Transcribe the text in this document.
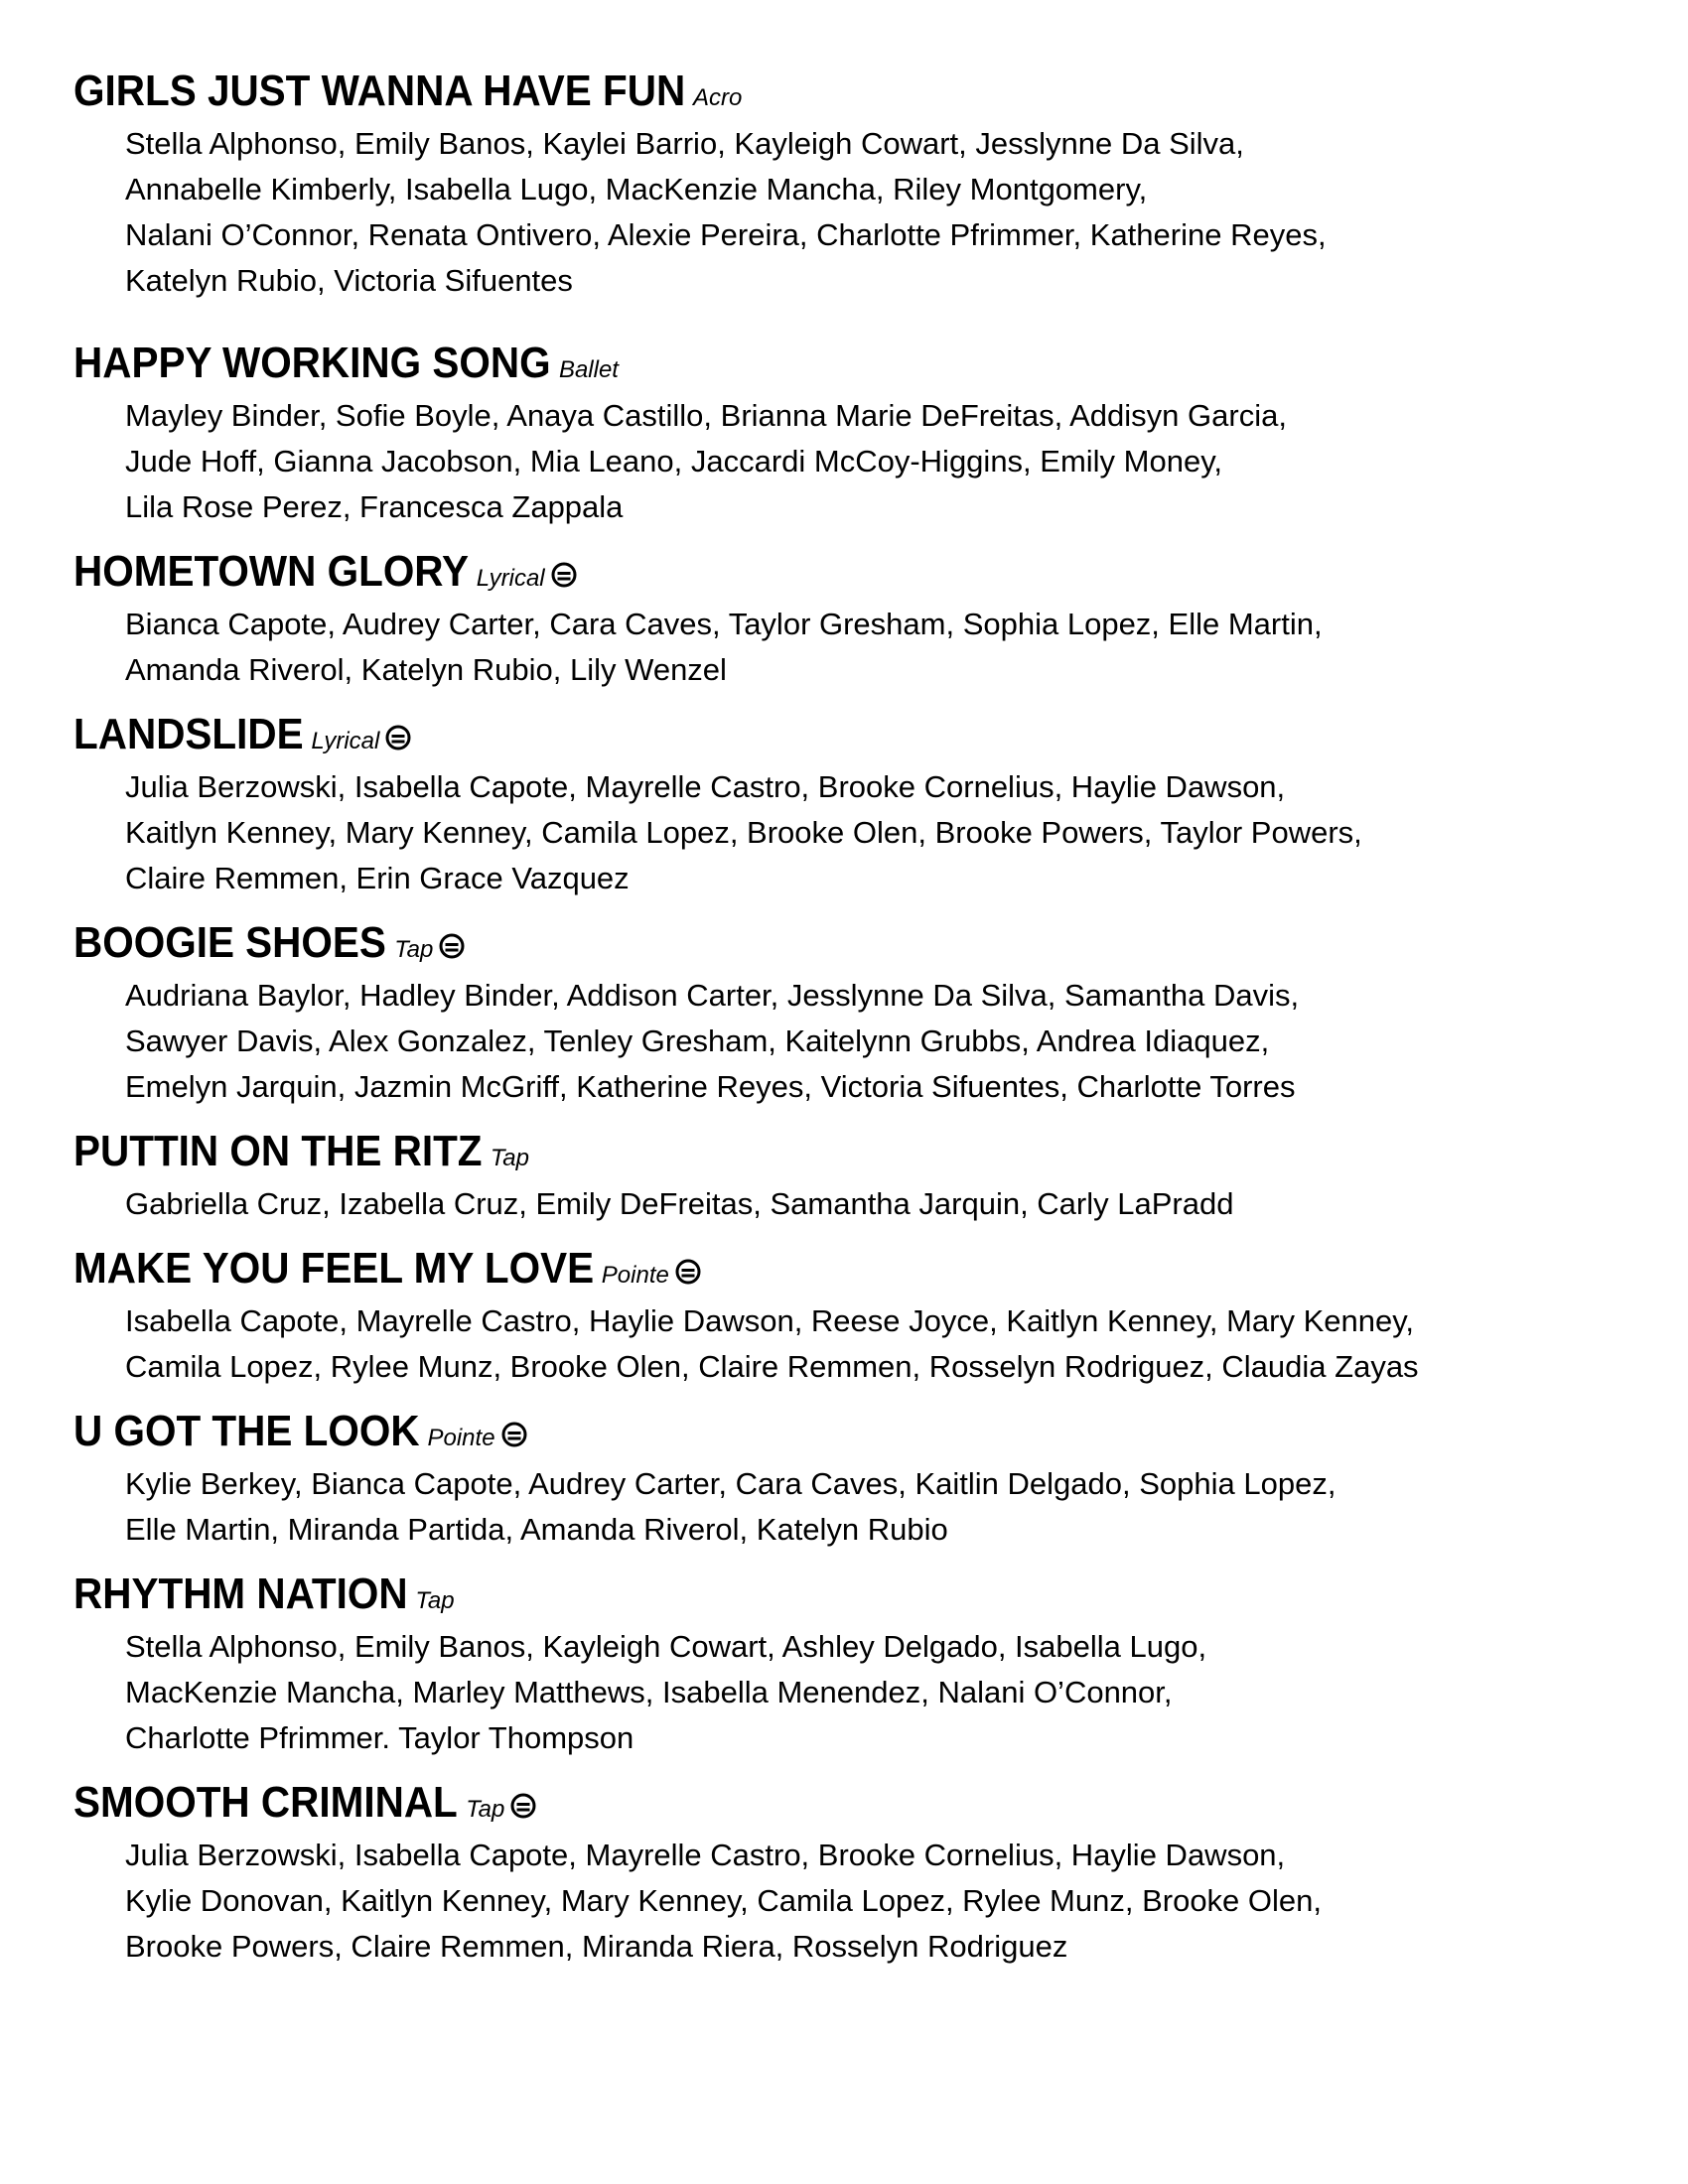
GIRLS JUST WANNA HAVE FUN Acro
Stella Alphonso, Emily Banos, Kaylei Barrio, Kayleigh Cowart, Jesslynne Da Silva,
Annabelle Kimberly, Isabella Lugo, MacKenzie Mancha, Riley Montgomery,
Nalani O’Connor, Renata Ontivero, Alexie Pereira, Charlotte Pfrimmer, Katherine Reyes,
Katelyn Rubio, Victoria Sifuentes
HAPPY WORKING SONG Ballet
Mayley Binder, Sofie Boyle, Anaya Castillo, Brianna Marie DeFreitas, Addisyn Garcia,
Jude Hoff, Gianna Jacobson, Mia Leano, Jaccardi McCoy-Higgins, Emily Money,
Lila Rose Perez, Francesca Zappala
HOMETOWN GLORY Lyrical
Bianca Capote, Audrey Carter, Cara Caves, Taylor Gresham, Sophia Lopez, Elle Martin,
Amanda Riverol, Katelyn Rubio, Lily Wenzel
LANDSLIDE Lyrical
Julia Berzowski, Isabella Capote, Mayrelle Castro, Brooke Cornelius, Haylie Dawson,
Kaitlyn Kenney, Mary Kenney, Camila Lopez, Brooke Olen, Brooke Powers, Taylor Powers,
Claire Remmen, Erin Grace Vazquez
BOOGIE SHOES Tap
Audriana Baylor, Hadley Binder, Addison Carter, Jesslynne Da Silva, Samantha Davis,
Sawyer Davis, Alex Gonzalez, Tenley Gresham, Kaitelynn Grubbs, Andrea Idiaquez,
Emelyn Jarquin, Jazmin McGriff, Katherine Reyes, Victoria Sifuentes, Charlotte Torres
PUTTIN ON THE RITZ Tap
Gabriella Cruz, Izabella Cruz, Emily DeFreitas, Samantha Jarquin, Carly LaPradd
MAKE YOU FEEL MY LOVE Pointe
Isabella Capote, Mayrelle Castro, Haylie Dawson, Reese Joyce, Kaitlyn Kenney, Mary Kenney,
Camila Lopez, Rylee Munz, Brooke Olen, Claire Remmen, Rosselyn Rodriguez, Claudia Zayas
U GOT THE LOOK Pointe
Kylie Berkey, Bianca Capote, Audrey Carter, Cara Caves, Kaitlin Delgado, Sophia Lopez,
Elle Martin, Miranda Partida, Amanda Riverol, Katelyn Rubio
RHYTHM NATION Tap
Stella Alphonso, Emily Banos, Kayleigh Cowart, Ashley Delgado, Isabella Lugo,
MacKenzie Mancha, Marley Matthews, Isabella Menendez, Nalani O’Connor,
Charlotte Pfrimmer. Taylor Thompson
SMOOTH CRIMINAL Tap
Julia Berzowski, Isabella Capote, Mayrelle Castro, Brooke Cornelius, Haylie Dawson,
Kylie Donovan, Kaitlyn Kenney, Mary Kenney, Camila Lopez, Rylee Munz, Brooke Olen,
Brooke Powers, Claire Remmen, Miranda Riera, Rosselyn Rodriguez
